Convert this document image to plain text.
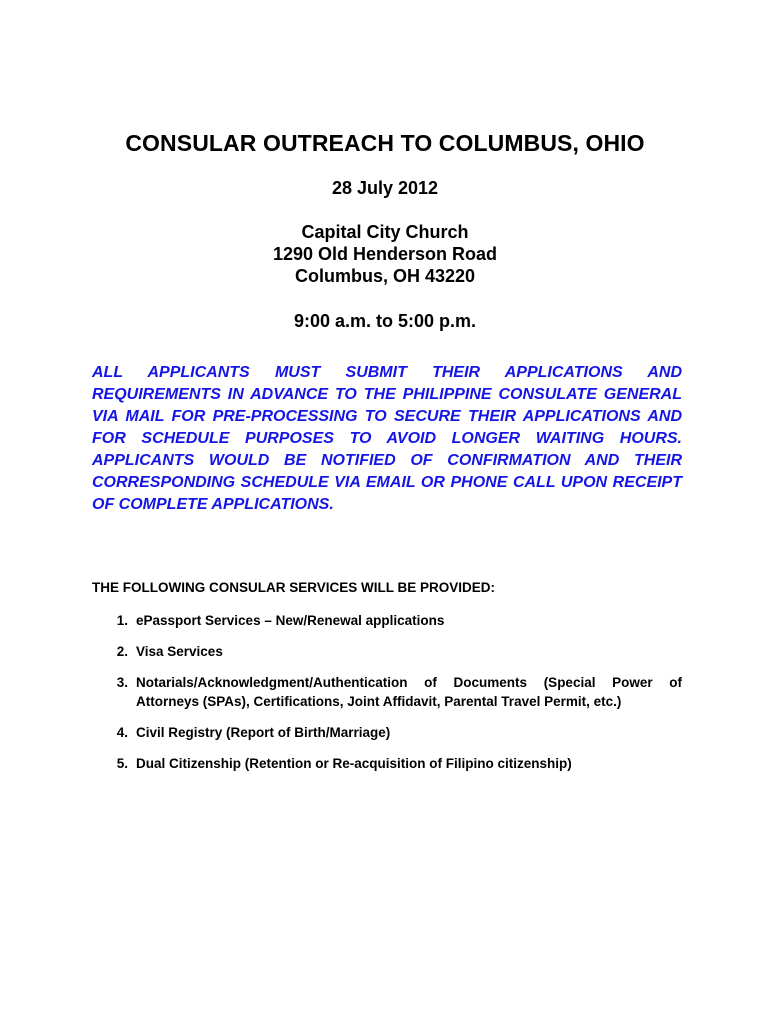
CONSULAR OUTREACH TO COLUMBUS, OHIO
28 July 2012
Capital City Church
1290 Old Henderson Road
Columbus, OH 43220
9:00 a.m. to 5:00 p.m.

ALL APPLICANTS MUST SUBMIT THEIR APPLICATIONS AND REQUIREMENTS IN ADVANCE TO THE PHILIPPINE CONSULATE GENERAL VIA MAIL FOR PRE-PROCESSING TO SECURE THEIR APPLICATIONS AND FOR SCHEDULE PURPOSES TO AVOID LONGER WAITING HOURS. APPLICANTS WOULD BE NOTIFIED OF CONFIRMATION AND THEIR CORRESPONDING SCHEDULE VIA EMAIL OR PHONE CALL UPON RECEIPT OF COMPLETE APPLICATIONS.

THE FOLLOWING CONSULAR SERVICES WILL BE PROVIDED:
1. ePassport Services – New/Renewal applications
2. Visa Services
3. Notarials/Acknowledgment/Authentication of Documents (Special Power of Attorneys (SPAs), Certifications, Joint Affidavit, Parental Travel Permit, etc.)
4. Civil Registry (Report of Birth/Marriage)
5. Dual Citizenship (Retention or Re-acquisition of Filipino citizenship)
